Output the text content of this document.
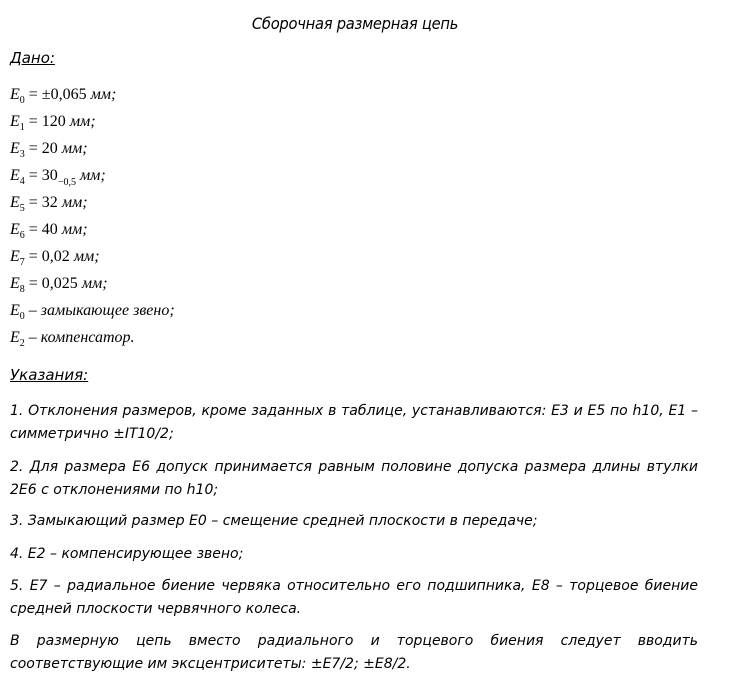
Сборочная размерная цепь
Дано:
$E_0 = \pm 0,065$ мм;
$E_1 = 120$ мм;
$E_3 = 20$ мм;
$E_4 = 30_{-0,5}$ мм;
$E_5 = 32$ мм;
$E_6 = 40$ мм;
$E_7 = 0,02$ мм;
$E_8 = 0,025$ мм;
$E_0$ – замыкающее звено;
$E_2$ – компенсатор.
Указания:

1. Отклонения размеров, кроме заданных в таблице, устанавливаются: Е3 и Е5 по h10, Е1 – симметрично ±IT10/2;

2. Для размера Е6 допуск принимается равным половине допуска размера длины втулки 2Е6 с отклонениями по h10;

3. Замыкающий размер Е0 – смещение средней плоскости в передаче;

4. Е2 – компенсирующее звено;

5. Е7 – радиальное биение червяка относительно его подшипника, Е8 – торцевое биение средней плоскости червячного колеса.

В размерную цепь вместо радиального и торцевого биения следует вводить соответствующие им эксцентриситеты: ±Е7/2; ±Е8/2.
